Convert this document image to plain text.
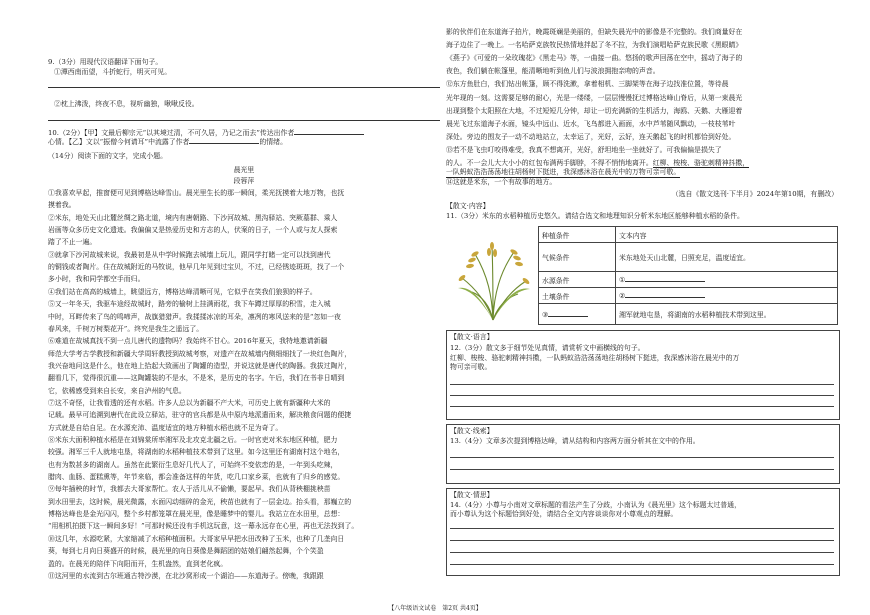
9.（3分）用现代汉语翻译下面句子。
①潭西南而望，斗折蛇行，明灭可见。
②枕上沸泼，终夜不息，视听幽独，啾啾反役。
10.（2分）【甲】文最后柳宗元“以其境过清，不可久居，乃记之而去”传达出作者
心情。【乙】文以“振僧今何请耳”中流露了作者	的情绪。
（14分）阅读下面的文字，完成小题。
晨光里
段蓉萍
①我喜欢早起，推窗便可见到博格达峰雪山。晨光里生长的那一瞬间，柔光抚摸着大地万物，也抚
摸着我。
②米东，地处天山北麓丝绸之路北道，境内有唐朝路、下沙河故城、黑沟驿站、突厥墓群、乘人
岩画等众多历史文化遗迹。我偏偏又是热爱历史和方志的人，伏案的日子，一个人或与友人探索
踏了不止一遍。
③就拿下沙河故城来说，我最初是从中学时候跑去城墙上玩儿，跟同学打睹一定可以找到唐代
的铜钱或者陶片。住在故城附近的马牧说，他早几年见到过宝贝，不过，已经锈迹斑斑，找了一个
多小时，我和同学都空手而归。
④我们站在高高的城墙上，眺望远方，博格达峰清晰可见，它似乎在笑我们狼狈的样子。
⑤又一年冬天，我驱车途经故城时，路旁的榆树上挂满雨花，我下车蹲过厚厚的积雪，走入城
中时，耳畔传来了鸟的鸣啼声，战旗猎猎声。我揉揉冰凉的耳朵，凛冽的寒风送来的是“忽如一夜
春风来，千树万树梨花开”。终究是我生之遥远了。
⑥难道在故城真找不到一点儿唐代的遗物吗？我始终不甘心。2016年夏天，我特地邀请新疆
师范大学考古学教授和新疆大学周轩教授到故城考察，对遗产在故城墙内侧细细找了一块红色陶片，
我兴奋地问这是什么，他在地上拾起大致画出了陶罐的造型，并说这就是唐代的陶器。我拔过陶片，
翻看几下，觉得很沉重——这陶罐装的不是水，不是米，是历史的名字。午后，我们在书非日晴到
它，依稀感受到来自长安，来自泸州的气息。
⑦这不奇怪，让我看透的还有水稻。许多人总以为新疆不产大米，可历史上就有新疆种大米的
记载。最早可追溯到唐代在此设立驿站，驻守的官兵都是从中原内地派遣而来，解决粮食问题的便捷
方式就是自给自足。在水源充沛、温度适宜的地方种植水稻也就不足为奇了。
⑧米东大面积种植水稻是在刘锦棠所率湘军及北攻克北疆之后。一时官吏对米东地区种植，肥力
较强。湘军三千人就地屯垦，将湖南的水稻种植技术带到了这里。如今这里还有湖南村这个地名，
也有为数甚多的湖南人。虽然在此繁衍生息好几代人了，可始终不变依恋的是，一年到头吃辣，
腊肉、血肠、蛋糕熏等，年节来临，都会准备这样的年货，吃几口家乡菜，也就有了归乡的感觉。
⑨每年插秧的时节，我都去大哥家帮忙。农人于活儿从不偷懒，要起早。我们从背秧棚挑秧苗
到水田里去，这时候，晨光微露，水面闪动细碎的金光，秧苗也就有了一层金边。抬头看，那巍立的
博格达峰也是金光闪闪，整个乡村都笼罩在晨光里，像是睡梦中的婴儿。我站立在水田里，总想：
“用相机拍摄下这一瞬间多好！”可那时候还没有手机这玩意，这一幕永远存在心里，再也无法找到了。
⑩这几年，水源吃紧，大家缩减了水稻种植面积。大哥家早早把水田改种了玉米，也种了几垄向日
葵，每到七月向日葵盛开的时候，晨光里的向日葵像是舞蹈团的姑娘们翩然起舞，个个笑盈
盈的。在晨光的陪伴下向阳而开，生机盎然，直到老化疯。
⑪这河里的水流到古尔班通古特沙漠，在北沙窝形成一个湖泊——东道海子。傍晚，我跟跟
影的伙伴们在东道海子拍片，晚霞斑斓是美丽的，但缺失晨光中的影像是不完整的。我们商量好在
海子边住了一晚上。一名哈萨克族牧民热情地拌起了冬不拉，为我们演唱哈萨克族民歌《黑眼睛》
《燕子》《可爱的一朵玫瑰花》《黑走马》等，一曲接一曲。悠扬的歌声回荡在空中，摇动了海子的
夜色，我们躺在帐篷里，能清晰地听到鱼儿们与波浪拥抱亲吻的声音。
⑫东方鱼肚白，我们钻出帐篷，顾不得洗漱，拿着相机、三脚架等在海子边找准位置，等待晨
光年现的一刻。这需要足够的耐心，光是一缕缕，一层层慢慢抚过博格达峰山脊后，从第一束晨光
出现到整个太阳照在大地，不过短短几分钟，却让一切充满新的生机活力，海鸥、天鹅、大雁迎着
晨光飞过东道海子水面，镜头中远山、近水，飞鸟都进入画面，水中芦苇随风飘动，一枝枝苇叶
深处。旁边的围友子一动不动地站立，太幸运了，光好，云好，连天鹅起飞的时机都恰到好处。
⑬若不是飞虫叮咬得难受，我真不想离开，光好，舒坦地坐一坐就好了。可我偏偏是损失了
的人。不一会儿大大小小的红包布满两手脚脖，不得不悄悄地离开。红柳、梭梭、骆驼刺精神抖擞，
一队蚂蚁浩浩荡荡地往胡杨树下挺进，我深感沐浴在晨光中的万物可亲可敬。
⑭这就是米东，一个有故事的地方。
（选自《散文选刊·下半月》2024年第10期，有删改）
【散文·内容】
11.（3分）米东的水稻种植历史悠久。请结合选文和地理知识分析米东地区能够种植水稻的条件。
种植条件	文本内容
气候条件	米东地处天山北麓，日照充足，温度适宜。
水源条件	①
土壤条件	②
③	湘军就地屯垦，将湖南的水稻种植技术带到这里。
【散文·语言】
12.（3分）散文多于细节处见真情，请赏析文中画横线的句子。
红柳、梭梭、骆驼刺精神抖擞，一队蚂蚁浩浩荡荡地往胡杨树下挺进，我深感沐浴在晨光中的万
物可亲可敬。
【散文·线索】
13.（4分）文章多次提到博格达峰，请从结构和内容两方面分析其在文中的作用。
【散文·情思】
14.（4分）小尊与小南对文章标题的看法产生了分歧，小南认为《晨光里》这个标题太过普通，
而小尊认为这个标题恰到好处，请结合全文内容谈谈你对小尊观点的理解。
【八年级语文试卷　第2页 共4页】
